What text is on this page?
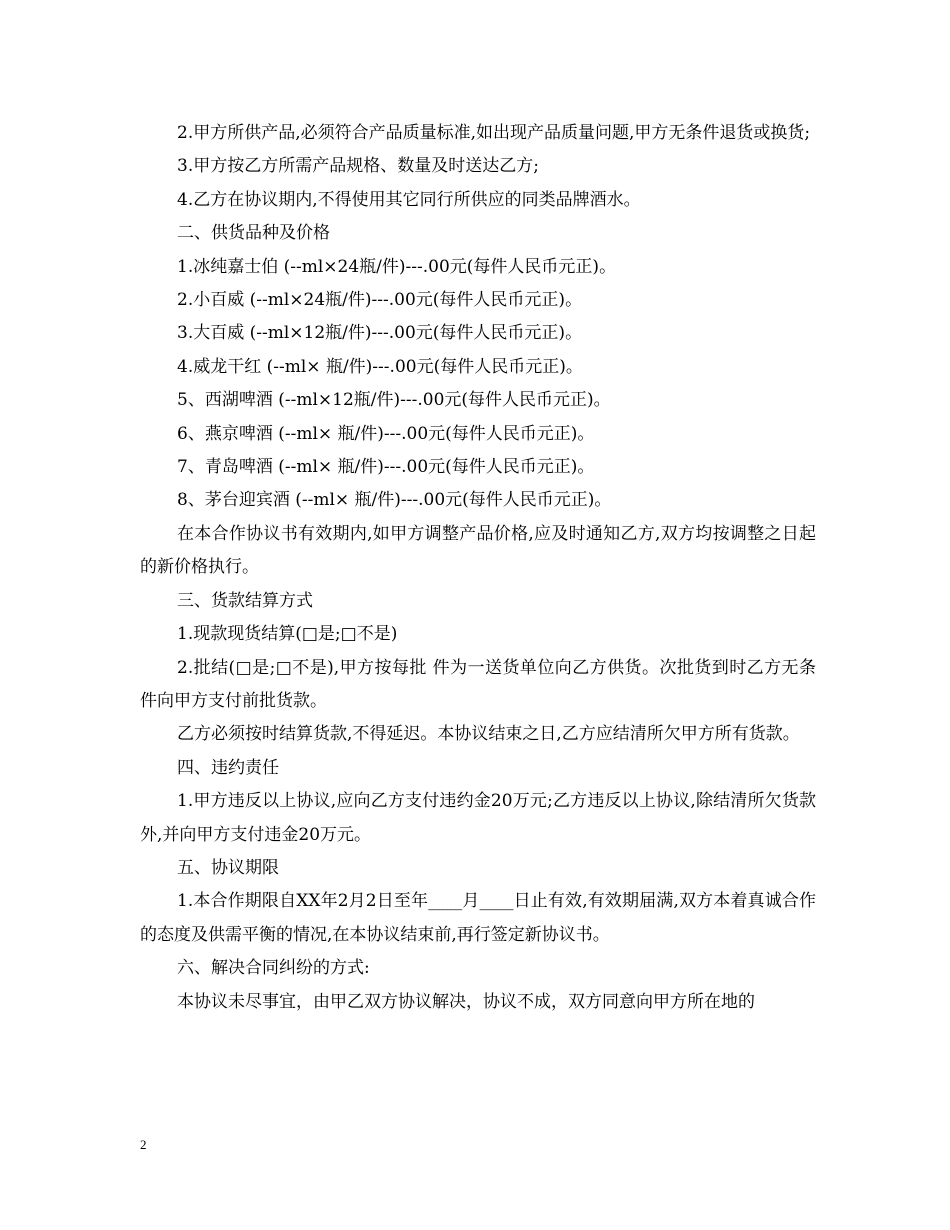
2.甲方所供产品,必须符合产品质量标准,如出现产品质量问题,甲方无条件退货或换货;

3.甲方按乙方所需产品规格、数量及时送达乙方;

4.乙方在协议期内,不得使用其它同行所供应的同类品牌酒水。

二、供货品种及价格

1.冰纯嘉士伯 (--ml×24瓶/件)---.00元(每件人民币元正)。

2.小百威 (--ml×24瓶/件)---.00元(每件人民币元正)。

3.大百威 (--ml×12瓶/件)---.00元(每件人民币元正)。

4.威龙干红 (--ml× 瓶/件)---.00元(每件人民币元正)。

5、西湖啤酒 (--ml×12瓶/件)---.00元(每件人民币元正)。

6、燕京啤酒 (--ml× 瓶/件)---.00元(每件人民币元正)。

7、青岛啤酒 (--ml× 瓶/件)---.00元(每件人民币元正)。

8、茅台迎宾酒 (--ml× 瓶/件)---.00元(每件人民币元正)。

在本合作协议书有效期内,如甲方调整产品价格,应及时通知乙方,双方均按调整之日起的新价格执行。

三、货款结算方式

1.现款现货结算(□是;□不是)

2.批结(□是;□不是),甲方按每批 件为一送货单位向乙方供货。次批货到时乙方无条件向甲方支付前批货款。

乙方必须按时结算货款,不得延迟。本协议结束之日,乙方应结清所欠甲方所有货款。

四、违约责任

1.甲方违反以上协议,应向乙方支付违约金20万元;乙方违反以上协议,除结清所欠货款外,并向甲方支付违金20万元。

五、协议期限

1.本合作期限自XX年2月2日至年____月____日止有效,有效期届满,双方本着真诚合作的态度及供需平衡的情况,在本协议结束前,再行签定新协议书。

六、解决合同纠纷的方式:

本协议未尽事宜，由甲乙双方协议解决，协议不成，双方同意向甲方所在地的

2
